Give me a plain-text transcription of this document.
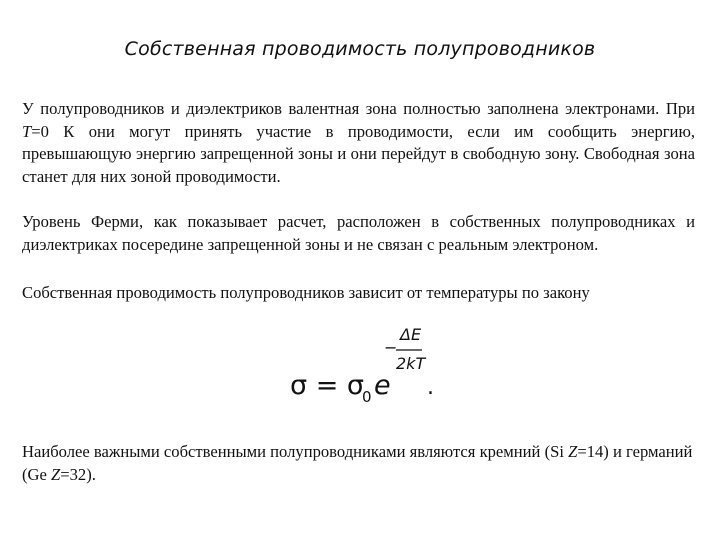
Собственная проводимость полупроводников

У полупроводников и диэлектриков валентная зона полностью заполнена электронами. При T=0 К они могут принять участие в проводимости, если им сообщить энергию, превышающую энергию запрещенной зоны и они перейдут в свободную зону. Свободная зона станет для них зоной проводимости.

Уровень Ферми, как показывает расчет, расположен в собственных полупроводниках и диэлектриках посередине запрещенной зоны и не связан с реальным электроном.

Собственная проводимость полупроводников зависит от температуры по закону

σ = σ
0 e
−
ΔE
2kT
.

Наиболее важными собственными полупроводниками являются кремний (Si Z=14) и германий (Ge Z=32).
